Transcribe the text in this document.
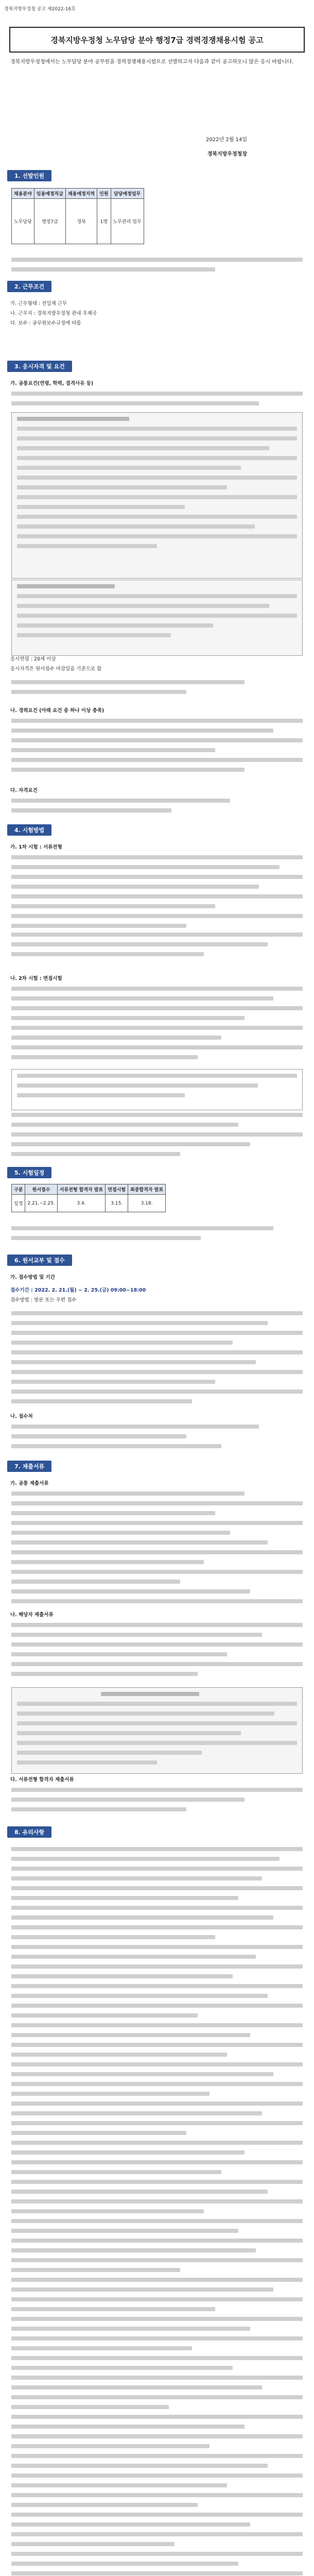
경북지방우정청 공고 제2022-16호
경북지방우정청 노무담당 분야 행정7급 경력경쟁채용시험 공고
경북지방우정청에서는 노무담당 분야 공무원을 경력경쟁채용시험으로 선발하고자 다음과 같이 공고하오니 많은 응시 바랍니다.
2022년 2월 14일
경북지방우정청장
1. 선발인원
채용분야	임용예정직급	채용예정지역	인원	담당예정업무
노무담당	행정7급	경북	1명	노무관리 업무
2. 근무조건

가. 근무형태 : 전일제 근무

나. 근무지 : 경북지방우정청 관내 우체국

다. 보수 : 공무원보수규정에 따름

3. 응시자격 및 요건
가. 공통요건(연령, 학력, 결격사유 등)

응시연령 : 20세 이상

응시자격은 원서접수 마감일을 기준으로 함

나. 경력요건 (아래 요건 중 하나 이상 충족)
다. 자격요건
4. 시험방법
가. 1차 시험 : 서류전형
나. 2차 시험 : 면접시험
5. 시험일정
구분	원서접수	서류전형 합격자 발표	면접시험	최종합격자 발표
일정	2.21.~2.25.	3.4.	3.15.	3.18.
6. 원서교부 및 접수
가. 접수방법 및 기간

접수기간 : 2022. 2. 21.(월) ~ 2. 25.(금) 09:00~18:00

접수방법 : 방문 또는 우편 접수

나. 접수처
7. 제출서류
가. 공통 제출서류
나. 해당자 제출서류
다. 서류전형 합격자 제출서류
8. 유의사항
